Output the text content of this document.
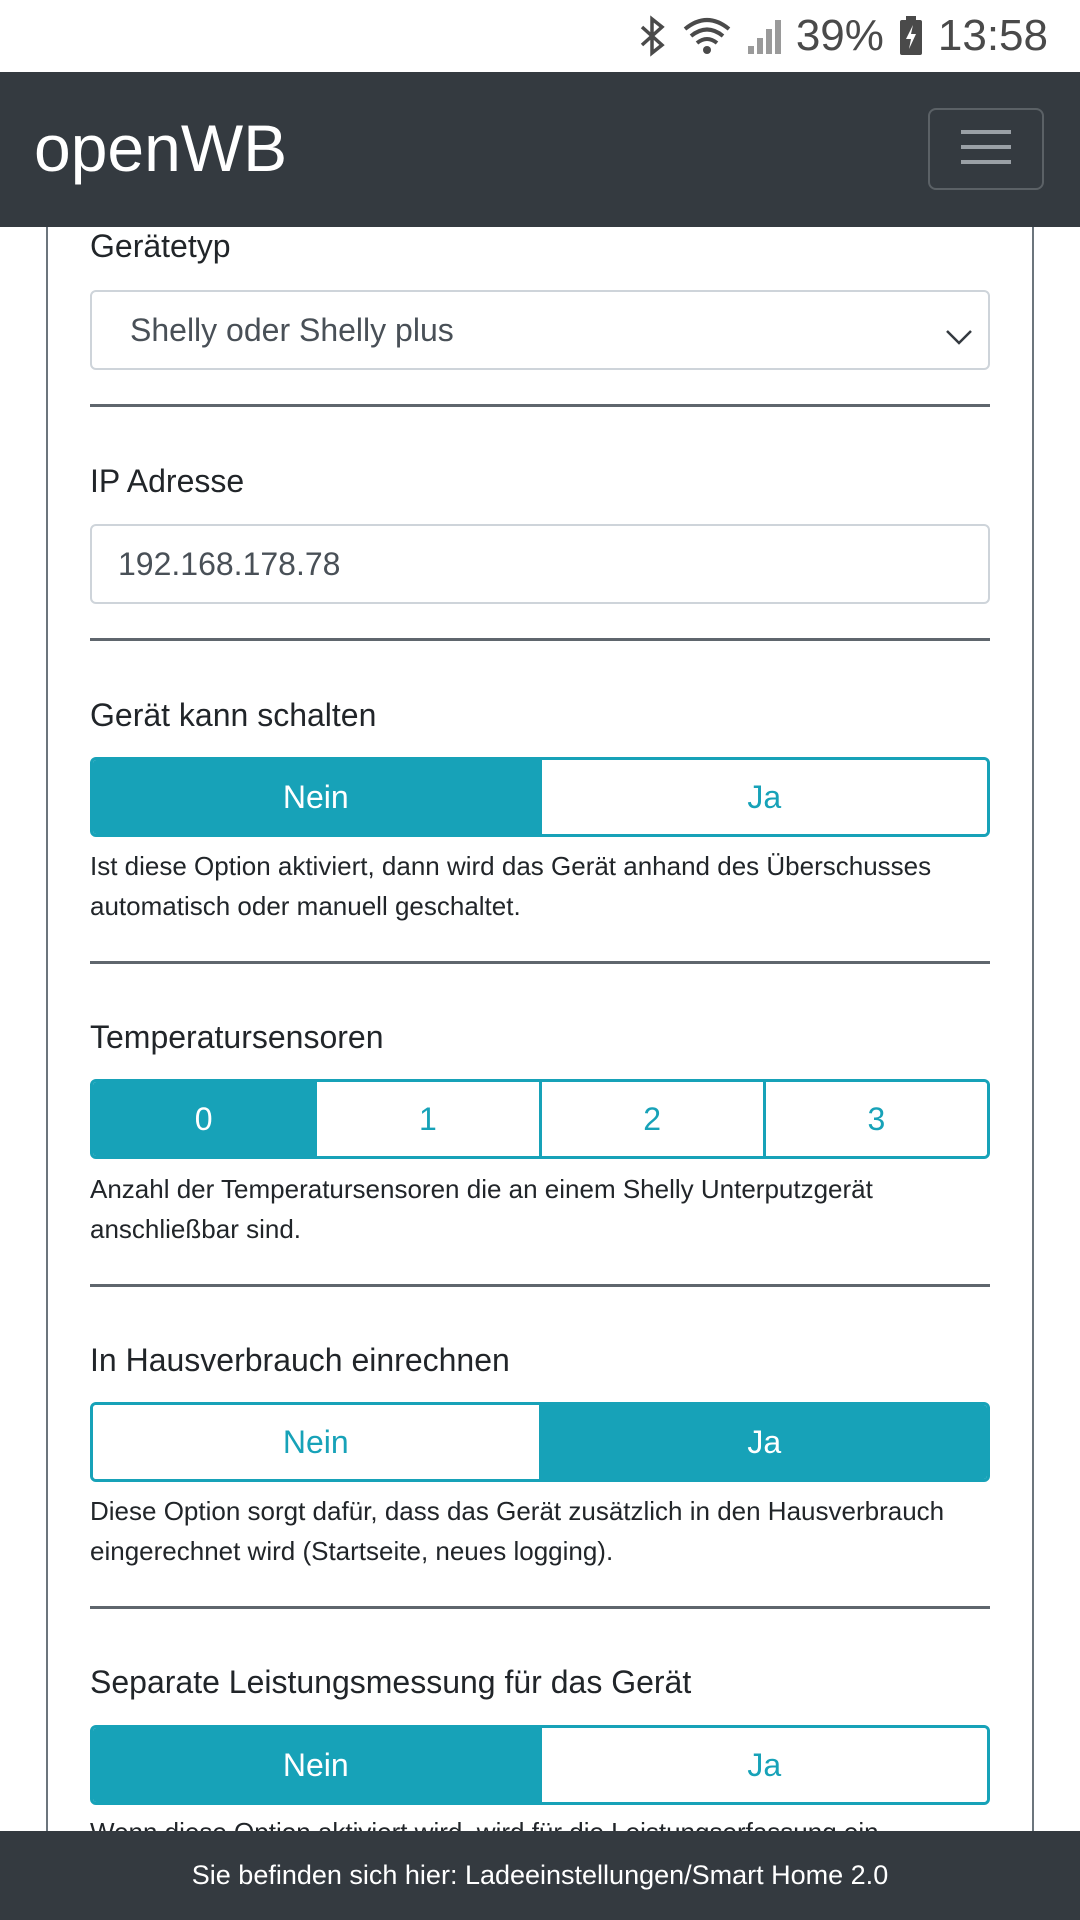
39% 13:58
openWB
Gerätetyp
Shelly oder Shelly plus
IP Adresse
192.168.178.78
Gerät kann schalten
Nein	Ja
Ist diese Option aktiviert, dann wird das Gerät anhand des Überschusses automatisch oder manuell geschaltet.
Temperatursensoren
0	1	2	3
Anzahl der Temperatursensoren die an einem Shelly Unterputzgerät anschließbar sind.
In Hausverbrauch einrechnen
Nein	Ja
Diese Option sorgt dafür, dass das Gerät zusätzlich in den Hausverbrauch eingerechnet wird (Startseite, neues logging).
Separate Leistungsmessung für das Gerät
Nein	Ja
Sie befinden sich hier: Ladeeinstellungen/Smart Home 2.0
